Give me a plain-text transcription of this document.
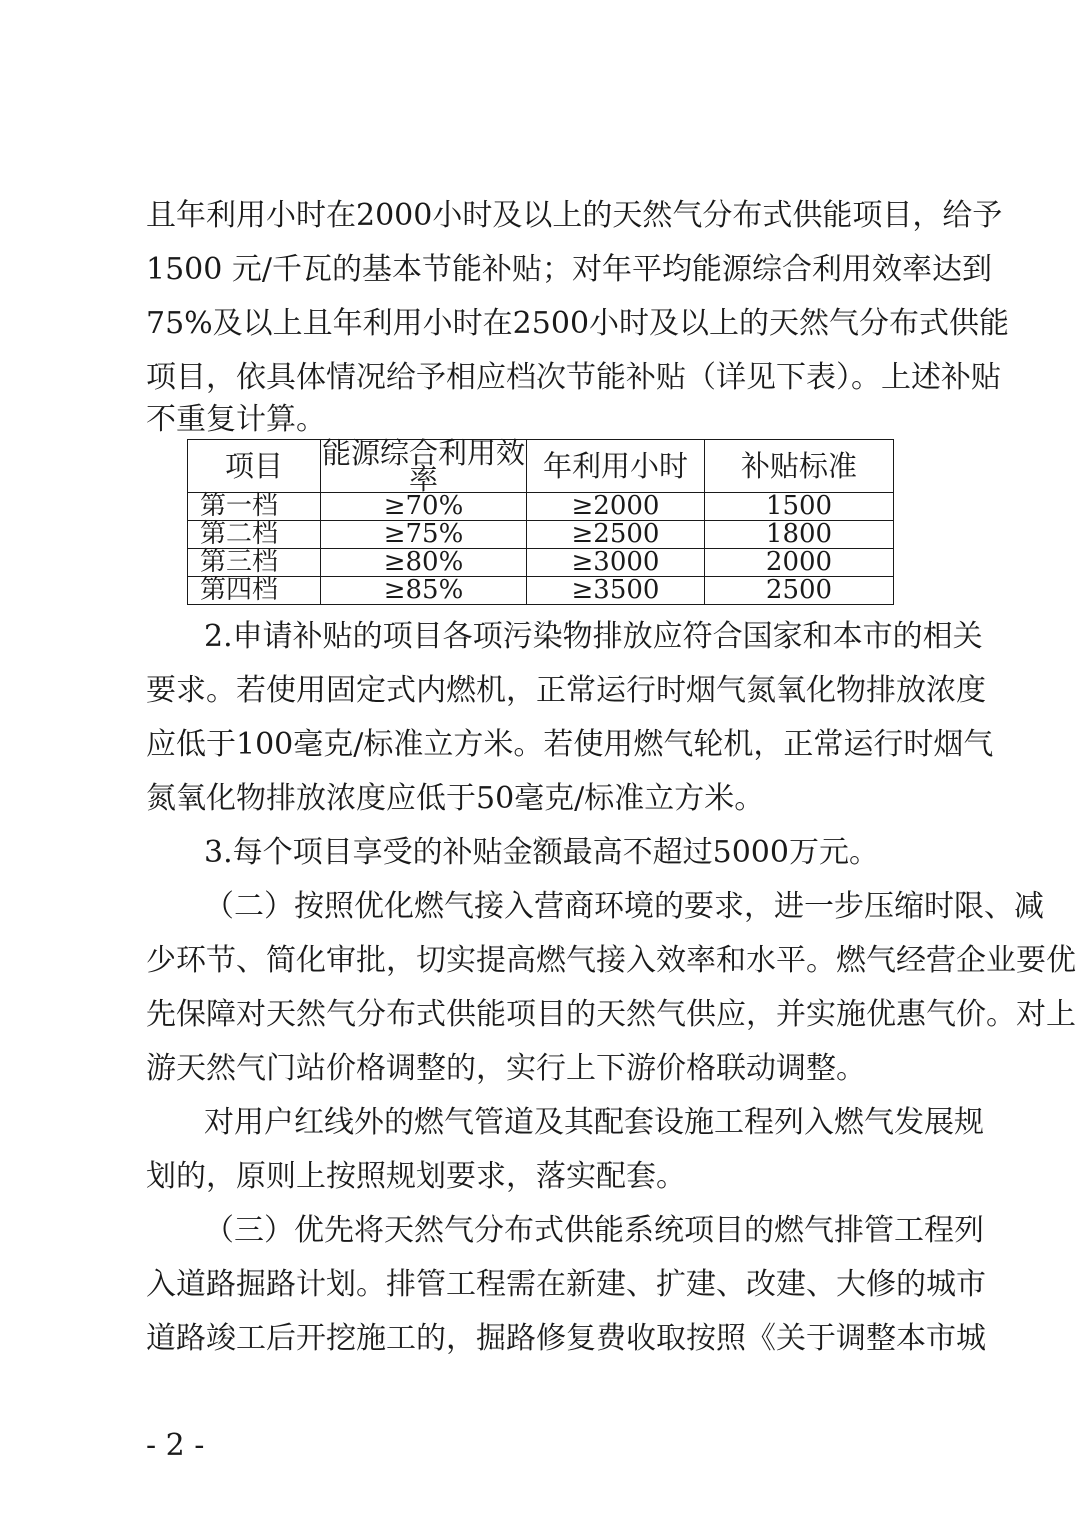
且年利用小时在2000小时及以上的天然气分布式供能项目，给予
1500 元/千瓦的基本节能补贴；对年平均能源综合利用效率达到
75%及以上且年利用小时在2500小时及以上的天然气分布式供能
项目，依具体情况给予相应档次节能补贴（详见下表）。上述补贴
不重复计算。
项目	能源综合利用效率	年利用小时	补贴标准
第一档	≥70%	≥2000	1500
第二档	≥75%	≥2500	1800
第三档	≥80%	≥3000	2000
第四档	≥85%	≥3500	2500
2.申请补贴的项目各项污染物排放应符合国家和本市的相关
要求。若使用固定式内燃机，正常运行时烟气氮氧化物排放浓度
应低于100毫克/标准立方米。若使用燃气轮机，正常运行时烟气
氮氧化物排放浓度应低于50毫克/标准立方米。
3.每个项目享受的补贴金额最高不超过5000万元。
（二）按照优化燃气接入营商环境的要求，进一步压缩时限、减
少环节、简化审批，切实提高燃气接入效率和水平。燃气经营企业要优
先保障对天然气分布式供能项目的天然气供应，并实施优惠气价。对上
游天然气门站价格调整的，实行上下游价格联动调整。
对用户红线外的燃气管道及其配套设施工程列入燃气发展规
划的，原则上按照规划要求，落实配套。
（三）优先将天然气分布式供能系统项目的燃气排管工程列
入道路掘路计划。排管工程需在新建、扩建、改建、大修的城市
道路竣工后开挖施工的，掘路修复费收取按照《关于调整本市城
- 2 -
